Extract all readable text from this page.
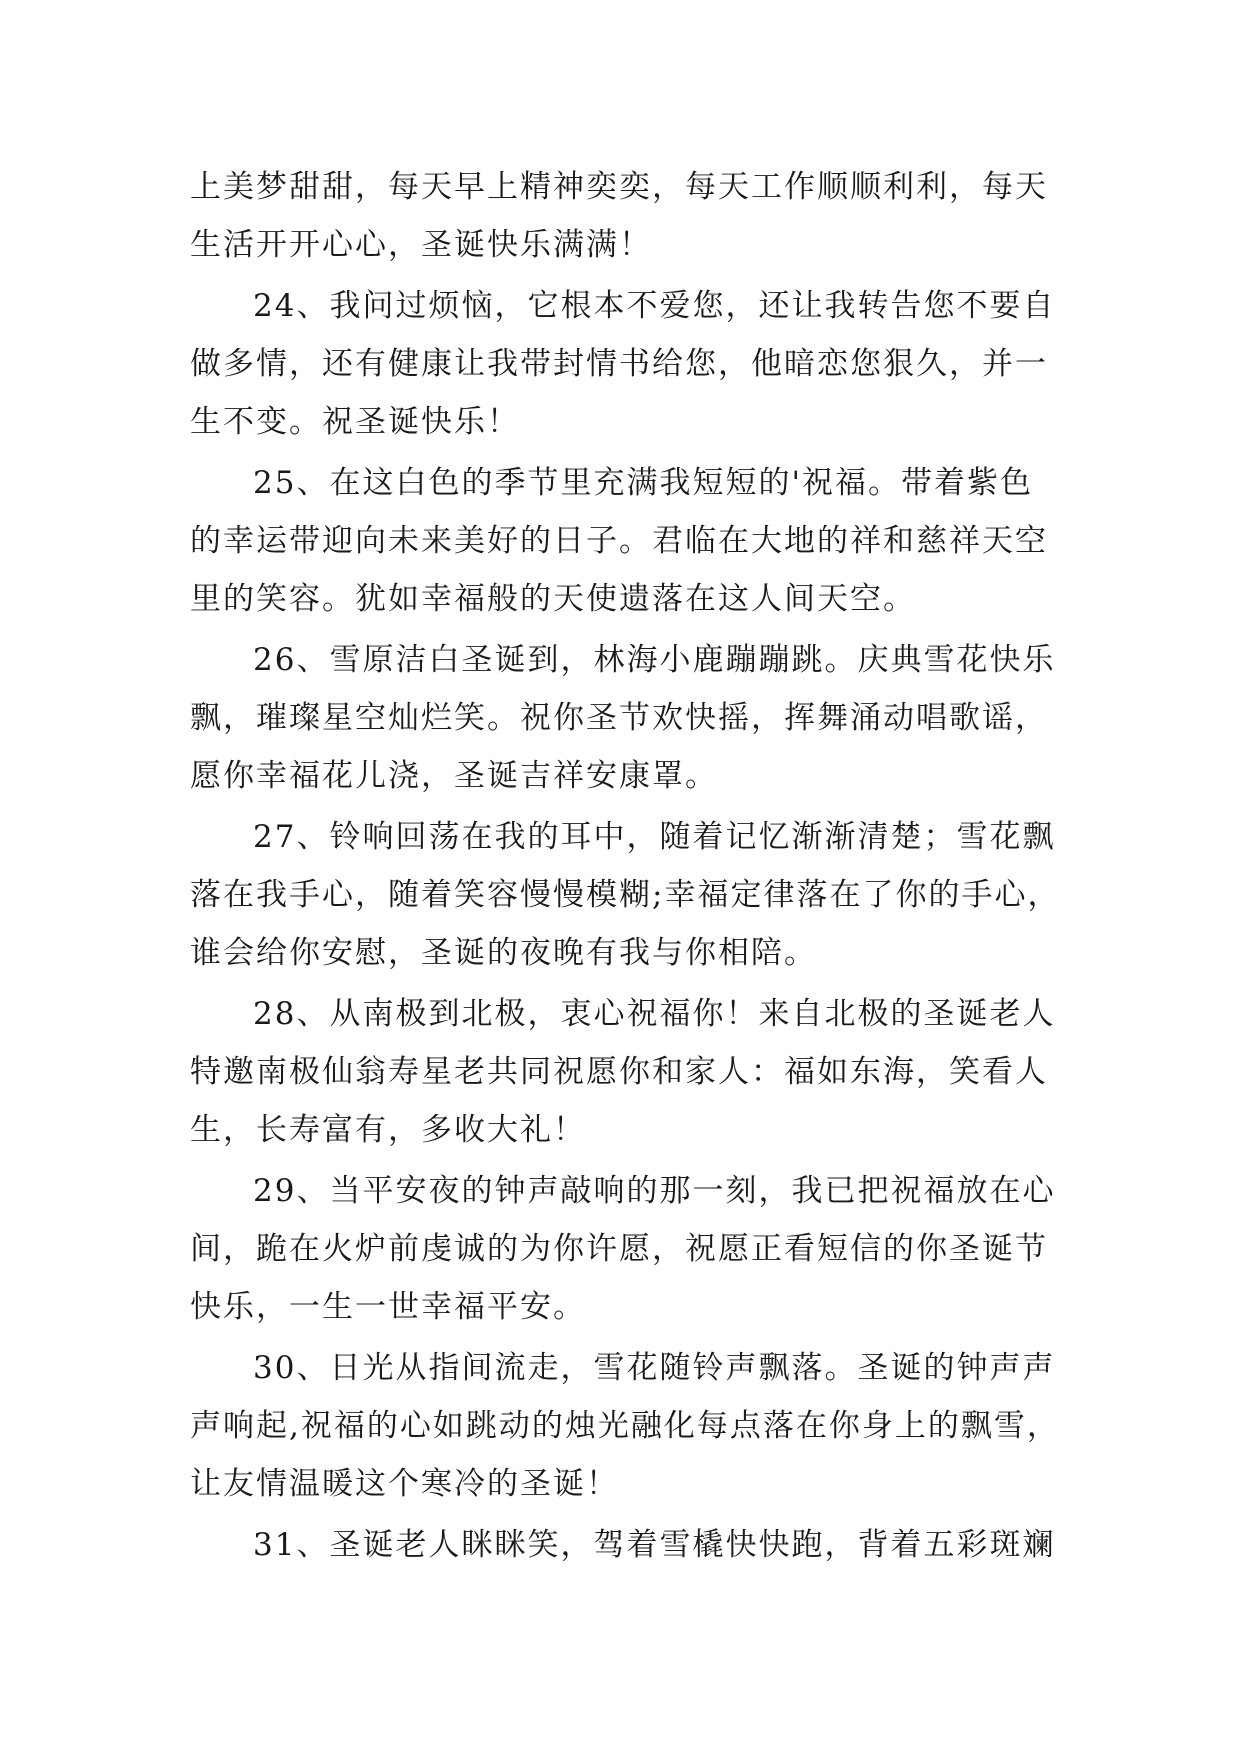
上美梦甜甜，每天早上精神奕奕，每天工作顺顺利利，每天
生活开开心心，圣诞快乐满满！
24、我问过烦恼，它根本不爱您，还让我转告您不要自
做多情，还有健康让我带封情书给您，他暗恋您狠久，并一
生不变。祝圣诞快乐！
25、在这白色的季节里充满我短短的'祝福。带着紫色
的幸运带迎向未来美好的日子。君临在大地的祥和慈祥天空
里的笑容。犹如幸福般的天使遗落在这人间天空。
26、雪原洁白圣诞到，林海小鹿蹦蹦跳。庆典雪花快乐
飘，璀璨星空灿烂笑。祝你圣节欢快摇，挥舞涌动唱歌谣，
愿你幸福花儿浇，圣诞吉祥安康罩。
27、铃响回荡在我的耳中，随着记忆渐渐清楚；雪花飘
落在我手心，随着笑容慢慢模糊;幸福定律落在了你的手心，
谁会给你安慰，圣诞的夜晚有我与你相陪。
28、从南极到北极，衷心祝福你！来自北极的圣诞老人
特邀南极仙翁寿星老共同祝愿你和家人：福如东海，笑看人
生，长寿富有，多收大礼！
29、当平安夜的钟声敲响的那一刻，我已把祝福放在心
间，跪在火炉前虔诚的为你许愿，祝愿正看短信的你圣诞节
快乐，一生一世幸福平安。
30、日光从指间流走，雪花随铃声飘落。圣诞的钟声声
声响起,祝福的心如跳动的烛光融化每点落在你身上的飘雪，
让友情温暖这个寒冷的圣诞！
31、圣诞老人眯眯笑，驾着雪橇快快跑，背着五彩斑斓
